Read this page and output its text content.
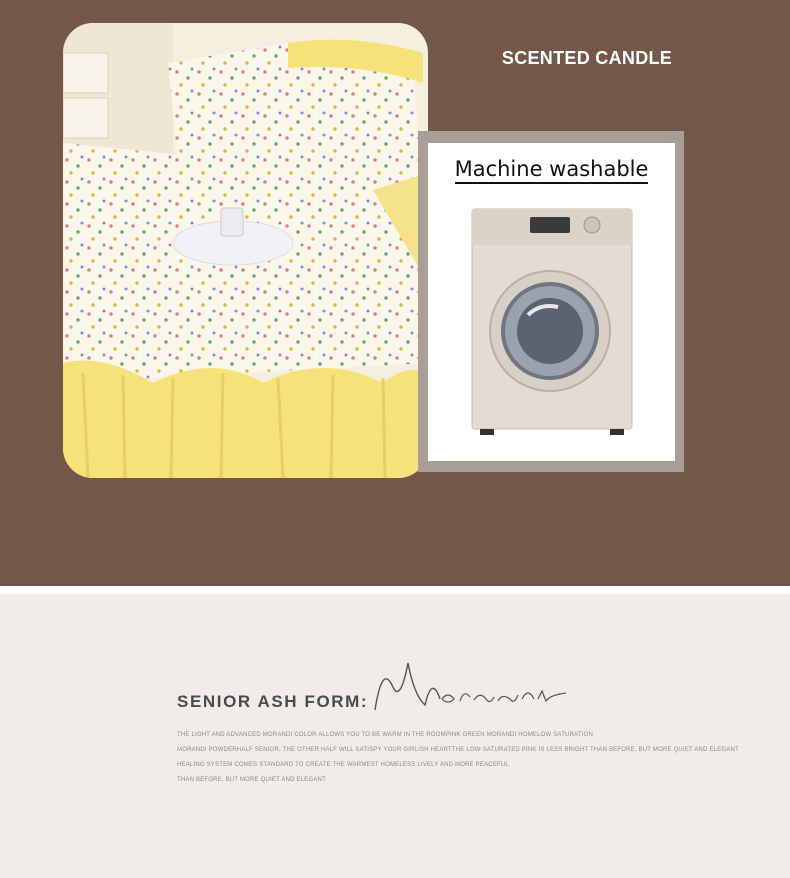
SCENTED CANDLE
Machine washable
SENIOR ASH FORM:
THE LIGHT AND ADVANCED MORANDI COLOR ALLOWS YOU TO BE WARM IN THE ROOMPINK GREEN MORANDI HOMELOW SATURATION
MORANDI POWDERHALF SENIOR, THE OTHER HALF WILL SATISPY YOUR GIRLISH HEARTTHE LOW-SATURATED PINK IS LESS BRIGHT THAN BEFORE, BUT MORE QUIET AND ELEGANT
HEALING SYSTEM COMES STANDARD TO CREATE THE WARMEST HOMELESS LIVELY AND MORE PEACEFUL
THAN BEFORE, BUT MORE QUIET AND ELEGANT
